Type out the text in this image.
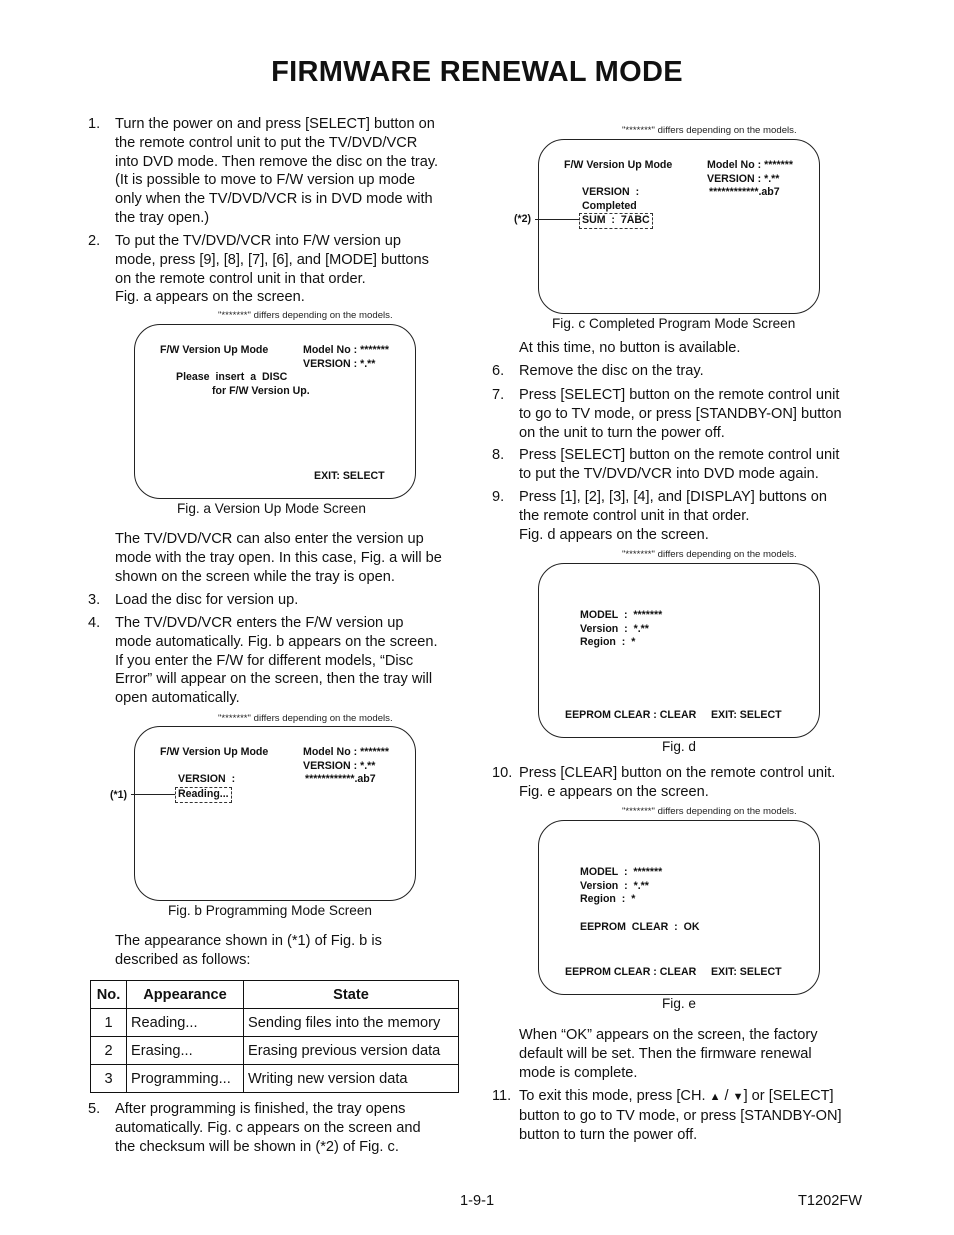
FIRMWARE RENEWAL MODE
1. Turn the power on and press [SELECT] button on
the remote control unit to put the TV/DVD/VCR
into DVD mode. Then remove the disc on the tray.
(It is possible to move to F/W version up mode
only when the TV/DVD/VCR is in DVD mode with
the tray open.)
2. To put the TV/DVD/VCR into F/W version up
mode, press [9], [8], [7], [6], and [MODE] buttons
on the remote control unit in that order.
Fig. a appears on the screen.
"*******" differs depending on the models.
F/W Version Up Mode	Model No : *******
VERSION : *.**
Please  insert  a  DISC
for F/W Version Up.
EXIT: SELECT
Fig. a Version Up Mode Screen
The TV/DVD/VCR can also enter the version up
mode with the tray open. In this case, Fig. a will be
shown on the screen while the tray is open.
3. Load the disc for version up.
4. The TV/DVD/VCR enters the F/W version up
mode automatically. Fig. b appears on the screen.
If you enter the F/W for different models, “Disc
Error” will appear on the screen, then the tray will
open automatically.
"*******" differs depending on the models.
F/W Version Up Mode	Model No : *******
VERSION : *.**
************.ab7
VERSION  :
Reading...
(*1)
Fig. b Programming Mode Screen
The appearance shown in (*1) of Fig. b is
described as follows:
No.	Appearance	State
1	Reading...	Sending files into the memory
2	Erasing...	Erasing previous version data
3	Programming...	Writing new version data
5. After programming is finished, the tray opens
automatically. Fig. c appears on the screen and
the checksum will be shown in (*2) of Fig. c.
"*******" differs depending on the models.
F/W Version Up Mode	Model No : *******
VERSION : *.**
************.ab7
VERSION  :
Completed
SUM  :  7ABC
(*2)
Fig. c Completed Program Mode Screen
At this time, no button is available.
6. Remove the disc on the tray.
7. Press [SELECT] button on the remote control unit
to go to TV mode, or press [STANDBY-ON] button
on the unit to turn the power off.
8. Press [SELECT] button on the remote control unit
to put the TV/DVD/VCR into DVD mode again.
9. Press [1], [2], [3], [4], and [DISPLAY] buttons on
the remote control unit in that order.
Fig. d appears on the screen.
"*******" differs depending on the models.
MODEL  :  *******
Version  :  *.**
Region  :  *
EEPROM CLEAR : CLEAR     EXIT: SELECT
Fig. d
10. Press [CLEAR] button on the remote control unit.
Fig. e appears on the screen.
"*******" differs depending on the models.
MODEL  :  *******
Version  :  *.**
Region  :  *
EEPROM  CLEAR  :  OK
EEPROM CLEAR : CLEAR     EXIT: SELECT
Fig. e
When “OK” appears on the screen, the factory
default will be set. Then the firmware renewal
mode is complete.
11. To exit this mode, press [CH. ▲ / ▼] or [SELECT]
button to go to TV mode, or press [STANDBY-ON]
button to turn the power off.
1-9-1	T1202FW
